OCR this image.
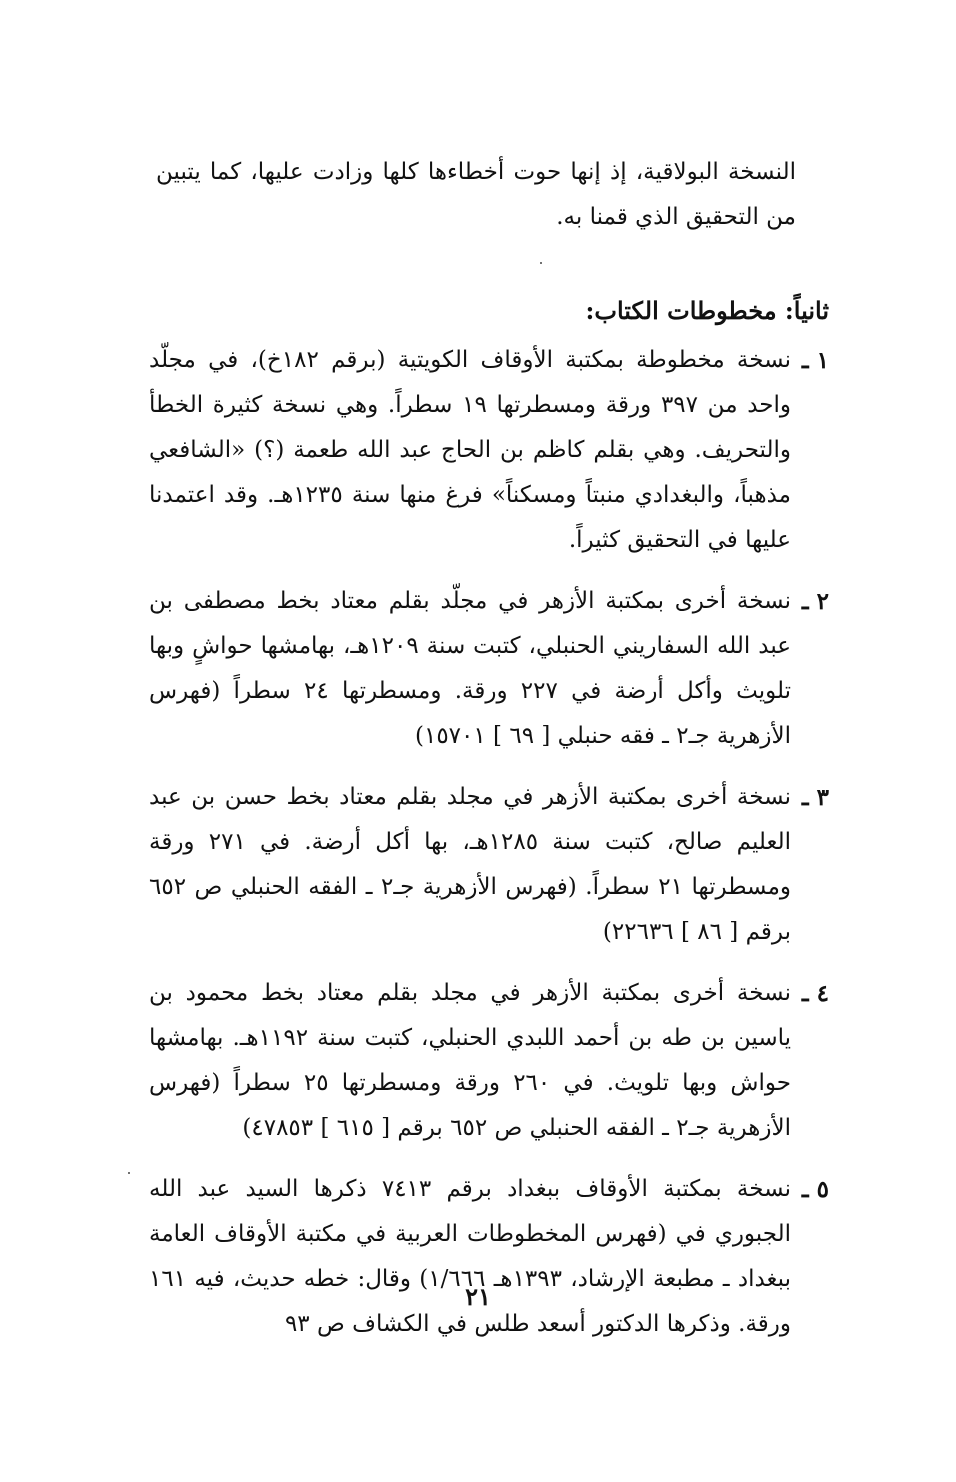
النسخة البولاقية، إذ إنها حوت أخطاءها كلها وزادت عليها، كما يتبين من التحقيق الذي قمنا به.

ثانياً: مخطوطات الكتاب:
١ ـ

نسخة مخطوطة بمكتبة الأوقاف الكويتية (برقم ١٨٢خ)، في مجلّد واحد من ٣٩٧ ورقة ومسطرتها ١٩ سطراً. وهي نسخة كثيرة الخطأ والتحريف. وهي بقلم كاظم بن الحاج عبد الله طعمة (؟) «الشافعي مذهباً، والبغدادي منبتاً ومسكناً» فرغ منها سنة ١٢٣٥هـ. وقد اعتمدنا عليها في التحقيق كثيراً.

٢ ـ

نسخة أخرى بمكتبة الأزهر في مجلّد بقلم معتاد بخط مصطفى بن عبد الله السفاريني الحنبلي، كتبت سنة ١٢٠٩هـ، بهامشها حواشٍ وبها تلويث وأكل أرضة في ٢٢٧ ورقة. ومسطرتها ٢٤ سطراً (فهرس الأزهرية جـ٢ ـ فقه حنبلي [ ٦٩ ] ١٥٧٠١)

٣ ـ

نسخة أخرى بمكتبة الأزهر في مجلد بقلم معتاد بخط حسن بن عبد العليم صالح، كتبت سنة ١٢٨٥هـ، بها أكل أرضة. في ٢٧١ ورقة ومسطرتها ٢١ سطراً. (فهرس الأزهرية جـ٢ ـ الفقه الحنبلي ص ٦٥٢ برقم [ ٨٦ ] ٢٢٦٣٦)

٤ ـ

نسخة أخرى بمكتبة الأزهر في مجلد بقلم معتاد بخط محمود بن ياسين بن طه بن أحمد اللبدي الحنبلي، كتبت سنة ١١٩٢هـ. بهامشها حواش وبها تلويث. في ٢٦٠ ورقة ومسطرتها ٢٥ سطراً (فهرس الأزهرية جـ٢ ـ الفقه الحنبلي ص ٦٥٢ برقم [ ٦١٥ ] ٤٧٨٥٣)

٥ ـ

نسخة بمكتبة الأوقاف ببغداد برقم ٧٤١٣ ذكرها السيد عبد الله الجبوري في (فهرس المخطوطات العربية في مكتبة الأوقاف العامة ببغداد ـ مطبعة الإرشاد، ١٣٩٣هـ ١/٦٦٦) وقال: خطه حديث، فيه ١٦١ ورقة. وذكرها الدكتور أسعد طلس في الكشاف ص ٩٣

٢١
